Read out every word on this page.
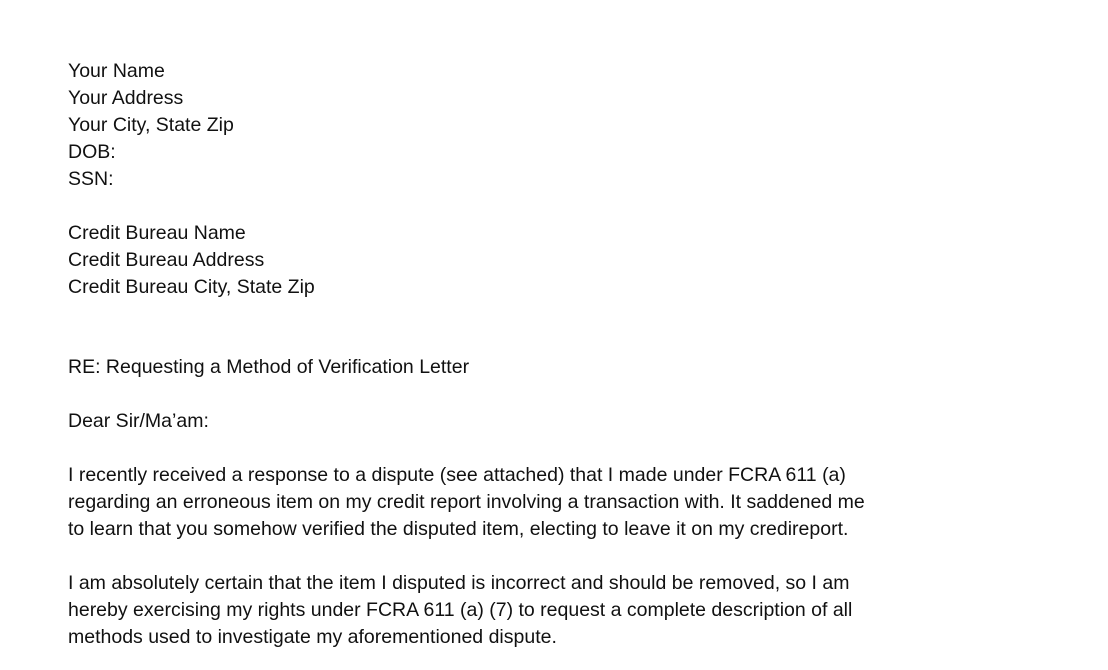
Your Name
Your Address
Your City, State Zip
DOB:
SSN:
Credit Bureau Name
Credit Bureau Address
Credit Bureau City, State Zip
RE: Requesting a Method of Verification Letter
Dear Sir/Ma’am:
I recently received a response to a dispute (see attached) that I made under FCRA 611 (a)
regarding an erroneous item on my credit report involving a transaction with. It saddened me
to learn that you somehow verified the disputed item, electing to leave it on my credireport.
I am absolutely certain that the item I disputed is incorrect and should be removed, so I am
hereby exercising my rights under FCRA 611 (a) (7) to request a complete description of all
methods used to investigate my aforementioned dispute.
